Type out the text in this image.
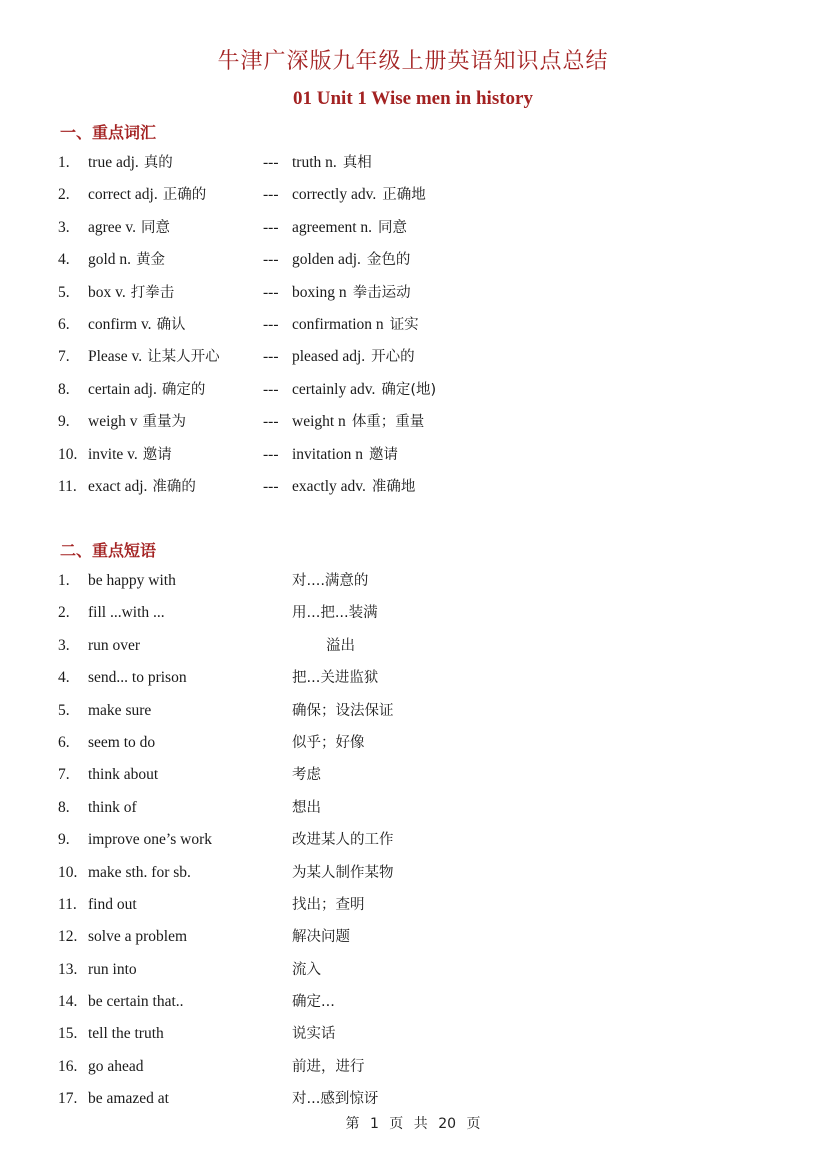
牛津广深版九年级上册英语知识点总结
01 Unit 1 Wise men in history
一、重点词汇
1. true adj. 真的	--- truth n. 真相
2. correct adj. 正确的	--- correctly adv. 正确地
3. agree v. 同意	--- agreement n. 同意
4. gold n. 黄金	--- golden adj. 金色的
5. box v. 打拳击	--- boxing n 拳击运动
6. confirm v. 确认	--- confirmation n 证实
7. Please v. 让某人开心	--- pleased adj. 开心的
8. certain adj. 确定的	--- certainly adv. 确定(地)
9. weigh v 重量为	--- weight n 体重；重量
10. invite v. 邀请	--- invitation n 邀请
11. exact adj. 准确的	--- exactly adv. 准确地
二、重点短语
1. be happy with	对....满意的
2. fill ...with ...	用...把...装满
3. run over	溢出
4. send... to prison	把...关进监狱
5. make sure	确保；设法保证
6. seem to do	似乎；好像
7. think about	考虑
8. think of	想出
9. improve one’s work	改进某人的工作
10. make sth. for sb.	为某人制作某物
11. find out	找出；查明
12. solve a problem	解决问题
13. run into	流入
14. be certain that..	确定...
15. tell the truth	说实话
16. go ahead	前进，进行
17. be amazed at	对...感到惊讶
第 1 页 共 20 页
